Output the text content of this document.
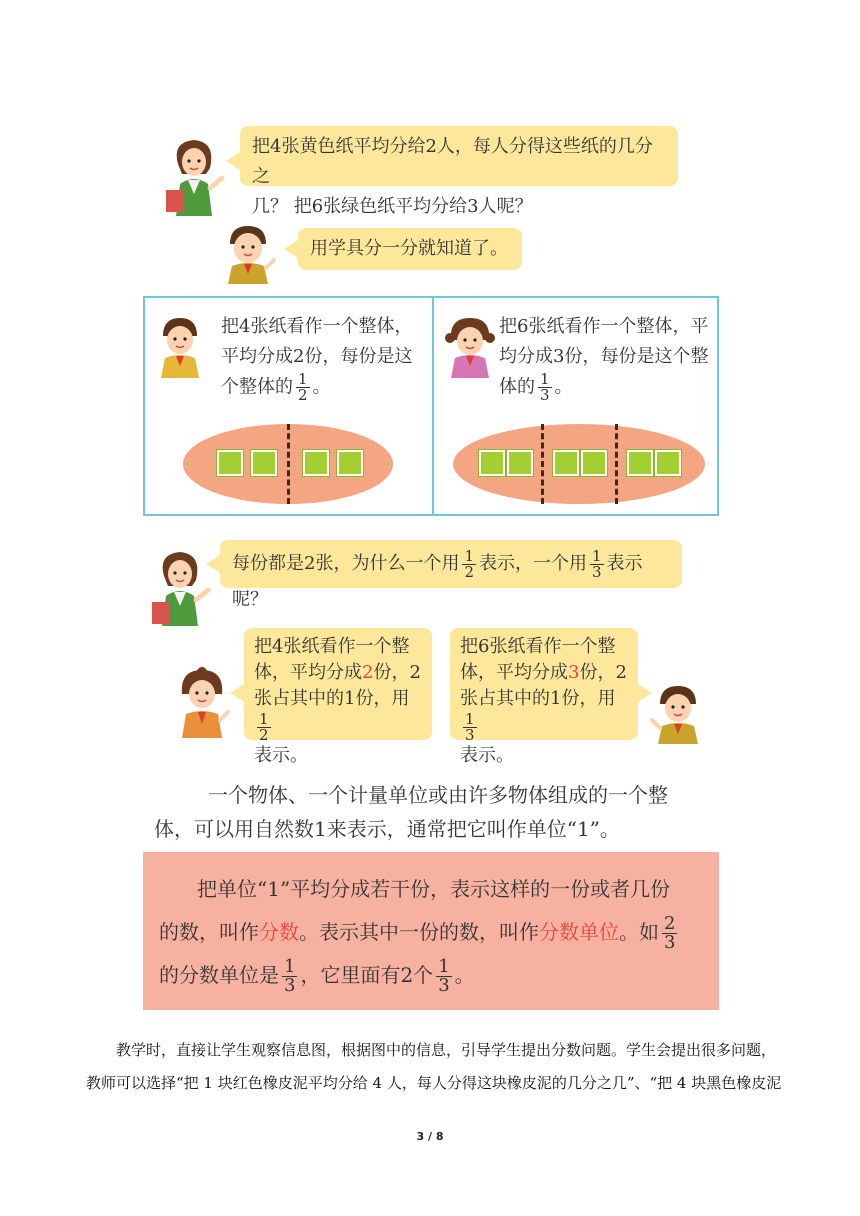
把4张黄色纸平均分给2人，每人分得这些纸的几分之
几？ 把6张绿色纸平均分给3人呢？
用学具分一分就知道了。
把4张纸看作一个整体，
平均分成2份，每份是这
个整体的 $\frac{1}{2}$ 。
把6张纸看作一个整体，平
均分成3份，每份是这个整
体的 $\frac{1}{3}$ 。
每份都是2张，为什么一个用 $\frac{1}{2}$ 表示，一个用 $\frac{1}{3}$ 表示呢？
把4张纸看作一个整
体，平均分成2份，2
张占其中的1份，用
$\frac{1}{2}$
表示。
把6张纸看作一个整
体，平均分成3份，2
张占其中的1份，用
$\frac{1}{3}$
表示。
一个物体、一个计量单位或由许多物体组成的一个整
体，可以用自然数1来表示，通常把它叫作单位“1”。
把单位“1”平均分成若干份，表示这样的一份或者几份
的数，叫作分数。表示其中一份的数，叫作分数单位。如 $\frac{2}{3}$
的分数单位是 $\frac{1}{3}$ ，它里面有2个 $\frac{1}{3}$ 。
教学时，直接让学生观察信息图，根据图中的信息，引导学生提出分数问题。学生会提出很多问题，
教师可以选择“把 1 块红色橡皮泥平均分给 4 人，每人分得这块橡皮泥的几分之几”、“把 4 块黑色橡皮泥
3 / 8
